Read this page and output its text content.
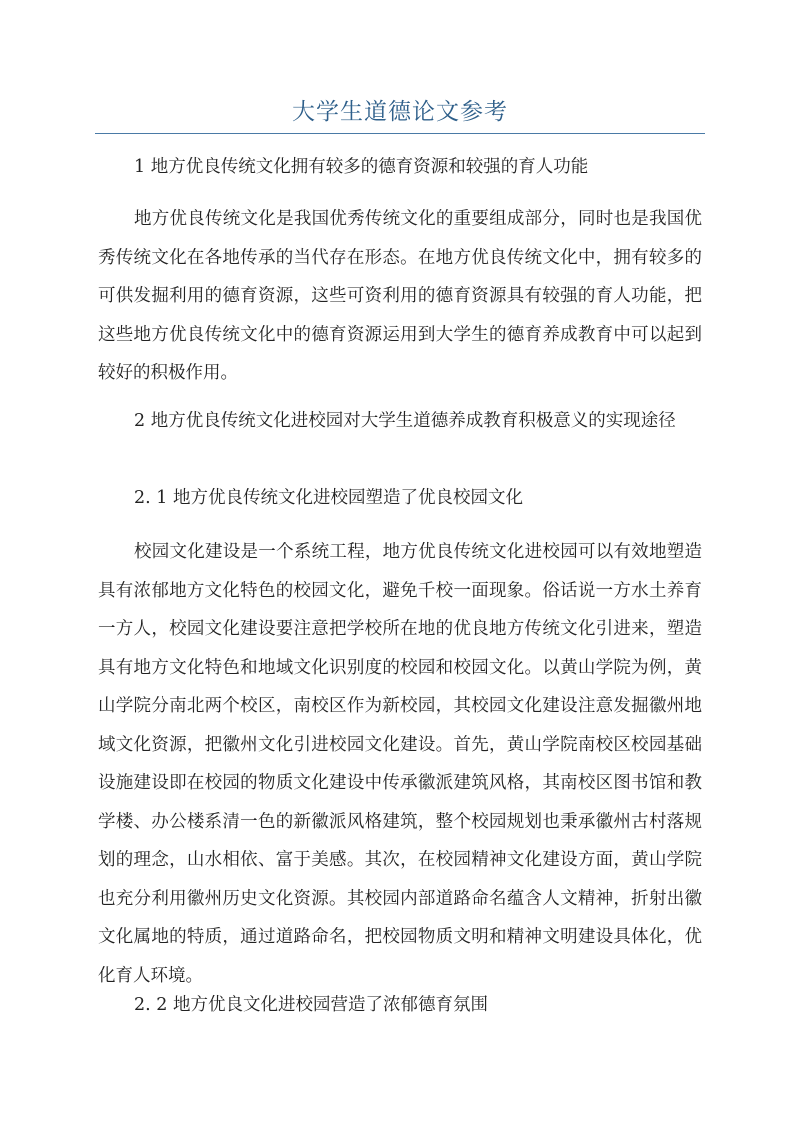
大学生道德论文参考

1 地方优良传统文化拥有较多的德育资源和较强的育人功能

地方优良传统文化是我国优秀传统文化的重要组成部分，同时也是我国优秀传统文化在各地传承的当代存在形态。在地方优良传统文化中，拥有较多的可供发掘利用的德育资源，这些可资利用的德育资源具有较强的育人功能，把这些地方优良传统文化中的德育资源运用到大学生的德育养成教育中可以起到较好的积极作用。

2 地方优良传统文化进校园对大学生道德养成教育积极意义的实现途径

2. 1 地方优良传统文化进校园塑造了优良校园文化

校园文化建设是一个系统工程，地方优良传统文化进校园可以有效地塑造具有浓郁地方文化特色的校园文化，避免千校一面现象。俗话说一方水土养育一方人，校园文化建设要注意把学校所在地的优良地方传统文化引进来，塑造具有地方文化特色和地域文化识别度的校园和校园文化。以黄山学院为例，黄山学院分南北两个校区，南校区作为新校园，其校园文化建设注意发掘徽州地域文化资源，把徽州文化引进校园文化建设。首先，黄山学院南校区校园基础设施建设即在校园的物质文化建设中传承徽派建筑风格，其南校区图书馆和教学楼、办公楼系清一色的新徽派风格建筑，整个校园规划也秉承徽州古村落规划的理念，山水相依、富于美感。其次，在校园精神文化建设方面，黄山学院也充分利用徽州历史文化资源。其校园内部道路命名蕴含人文精神，折射出徽文化属地的特质，通过道路命名，把校园物质文明和精神文明建设具体化，优化育人环境。

2. 2 地方优良文化进校园营造了浓郁德育氛围
